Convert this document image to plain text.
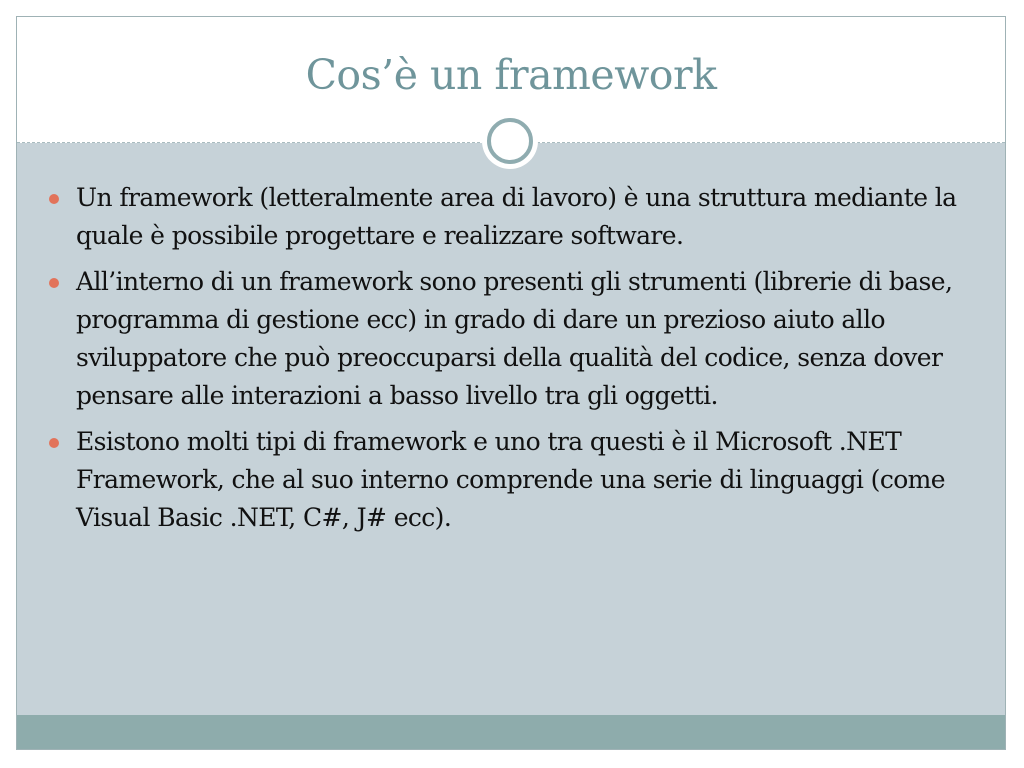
Cos’è un framework
Un framework (letteralmente area di lavoro) è una struttura mediante la quale è possibile progettare e realizzare software.
All’interno di un framework sono presenti gli strumenti (librerie di base, programma di gestione ecc) in grado di dare un prezioso aiuto allo sviluppatore che può preoccuparsi della qualità del codice, senza dover pensare alle interazioni a basso livello tra gli oggetti.
Esistono molti tipi di framework e uno tra questi è il Microsoft .NET Framework, che al suo interno comprende una serie di linguaggi (come Visual Basic .NET, C#, J# ecc).
